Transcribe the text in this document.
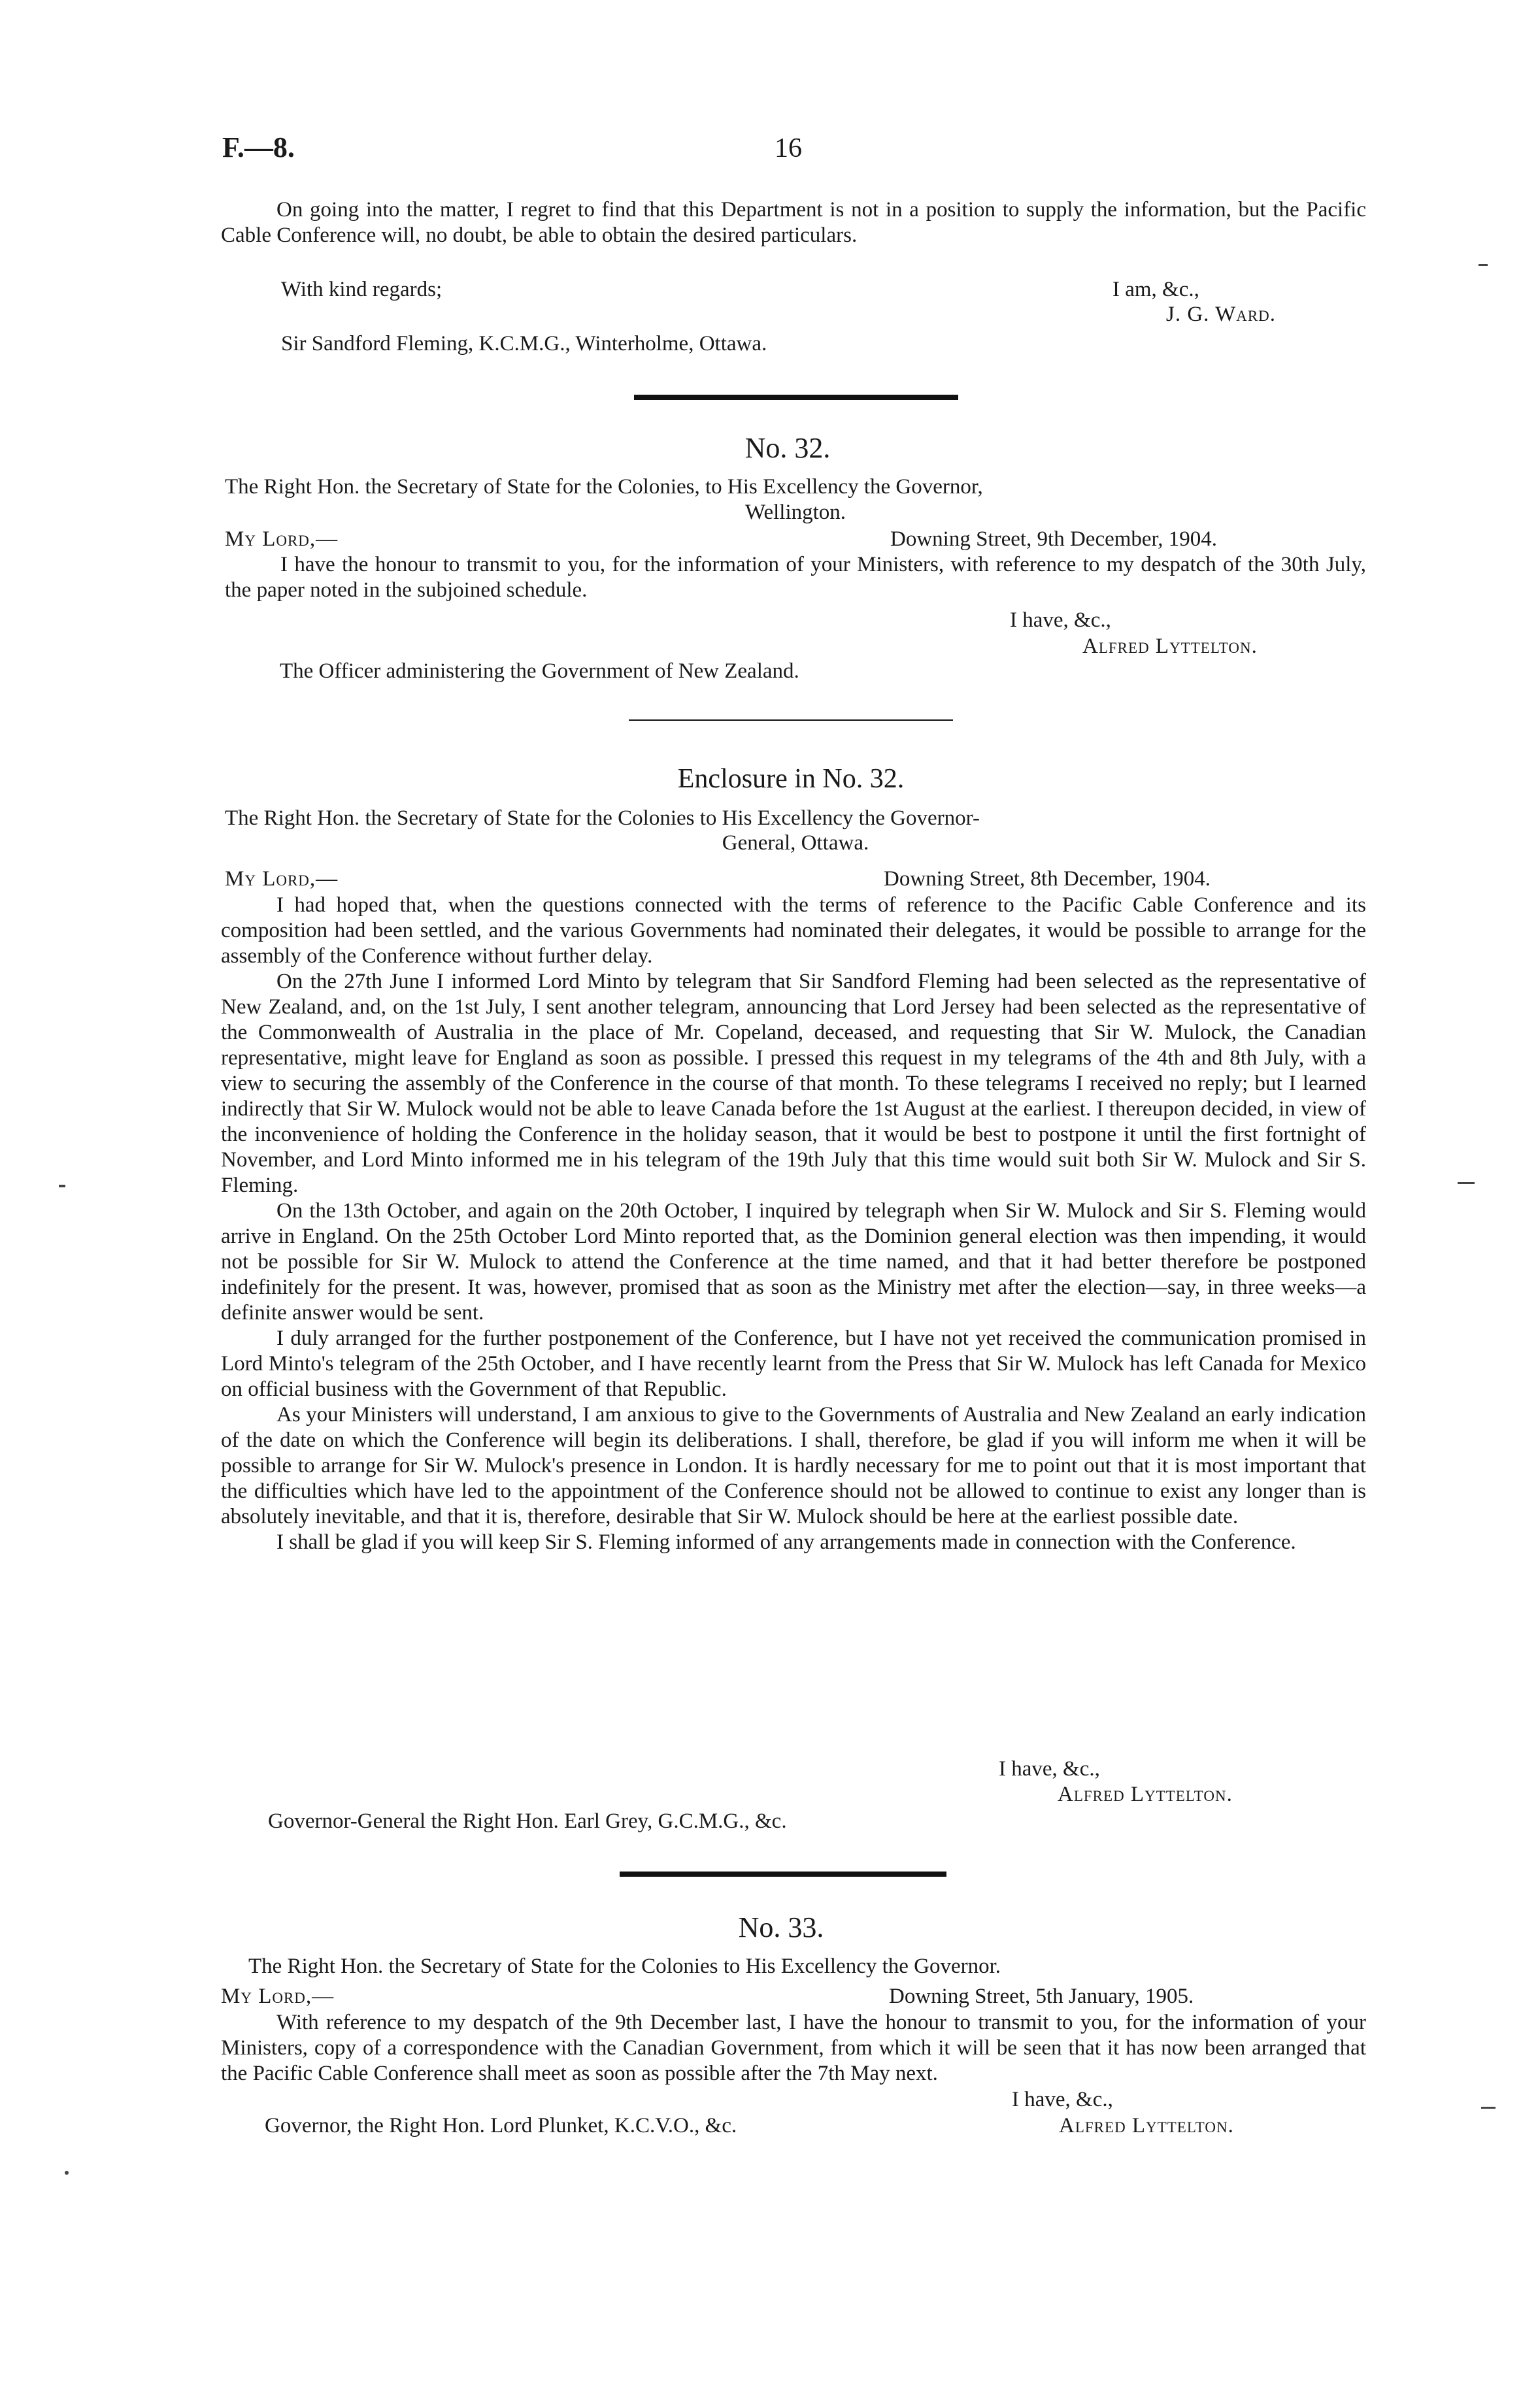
F.—8.	16

On going into the matter, I regret to find that this Department is not in a position to supply the information, but the Pacific Cable Conference will, no doubt, be able to obtain the desired particulars.

With kind regards;	I am, &c.,
J. G. Ward.
Sir Sandford Fleming, K.C.M.G., Winterholme, Ottawa.
No. 32.
The Right Hon. the Secretary of State for the Colonies, to His Excellency the Governor,
Wellington.
My Lord,—	Downing Street, 9th December, 1904.

I have the honour to transmit to you, for the information of your Ministers, with reference to my despatch of the 30th July, the paper noted in the subjoined schedule.

I have, &c.,
Alfred Lyttelton.
The Officer administering the Government of New Zealand.
Enclosure in No. 32.
The Right Hon. the Secretary of State for the Colonies to His Excellency the Governor-
General, Ottawa.
My Lord,—	Downing Street, 8th December, 1904.

I had hoped that, when the questions connected with the terms of reference to the Pacific Cable Conference and its composition had been settled, and the various Governments had nominated their delegates, it would be possible to arrange for the assembly of the Conference without further delay.

On the 27th June I informed Lord Minto by telegram that Sir Sandford Fleming had been selected as the representative of New Zealand, and, on the 1st July, I sent another telegram, announcing that Lord Jersey had been selected as the representative of the Commonwealth of Australia in the place of Mr. Copeland, deceased, and requesting that Sir W. Mulock, the Canadian representative, might leave for England as soon as possible. I pressed this request in my telegrams of the 4th and 8th July, with a view to securing the assembly of the Conference in the course of that month. To these telegrams I received no reply; but I learned indirectly that Sir W. Mulock would not be able to leave Canada before the 1st August at the earliest. I thereupon decided, in view of the inconvenience of holding the Conference in the holiday season, that it would be best to postpone it until the first fortnight of November, and Lord Minto informed me in his telegram of the 19th July that this time would suit both Sir W. Mulock and Sir S. Fleming.

On the 13th October, and again on the 20th October, I inquired by telegraph when Sir W. Mulock and Sir S. Fleming would arrive in England. On the 25th October Lord Minto reported that, as the Dominion general election was then impending, it would not be possible for Sir W. Mulock to attend the Conference at the time named, and that it had better therefore be postponed indefinitely for the present. It was, however, promised that as soon as the Ministry met after the election—say, in three weeks—a definite answer would be sent.

I duly arranged for the further postponement of the Conference, but I have not yet received the communication promised in Lord Minto's telegram of the 25th October, and I have recently learnt from the Press that Sir W. Mulock has left Canada for Mexico on official business with the Government of that Republic.

As your Ministers will understand, I am anxious to give to the Governments of Australia and New Zealand an early indication of the date on which the Conference will begin its deliberations. I shall, therefore, be glad if you will inform me when it will be possible to arrange for Sir W. Mulock's presence in London. It is hardly necessary for me to point out that it is most important that the difficulties which have led to the appointment of the Conference should not be allowed to continue to exist any longer than is absolutely inevitable, and that it is, therefore, desirable that Sir W. Mulock should be here at the earliest possible date.

I shall be glad if you will keep Sir S. Fleming informed of any arrangements made in connection with the Conference.

I have, &c.,
Alfred Lyttelton.
Governor-General the Right Hon. Earl Grey, G.C.M.G., &c.
No. 33.
The Right Hon. the Secretary of State for the Colonies to His Excellency the Governor.
My Lord,—	Downing Street, 5th January, 1905.

With reference to my despatch of the 9th December last, I have the honour to transmit to you, for the information of your Ministers, copy of a correspondence with the Canadian Government, from which it will be seen that it has now been arranged that the Pacific Cable Conference shall meet as soon as possible after the 7th May next.

I have, &c.,
Alfred Lyttelton.
Governor, the Right Hon. Lord Plunket, K.C.V.O., &c.
